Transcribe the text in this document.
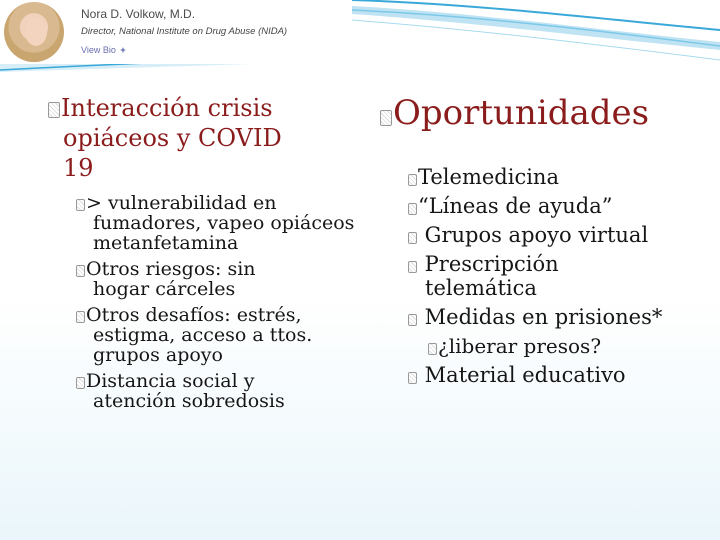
Nora D. Volkow, M.D.
Director, National Institute on Drug Abuse (NIDA)
View Bio +
Interacción crisis
opiáceos y COVID
19
> vulnerabilidad en
fumadores, vapeo opiáceos metanfetamina
Otros riesgos: sin
hogar cárceles
Otros desafíos: estrés,
estigma, acceso a ttos. grupos apoyo
Distancia social y
atención sobredosis
Oportunidades
Telemedicina
“Líneas de ayuda”
Grupos apoyo virtual
Prescripción
telemática
Medidas en prisiones*
¿liberar presos?
Material educativo
